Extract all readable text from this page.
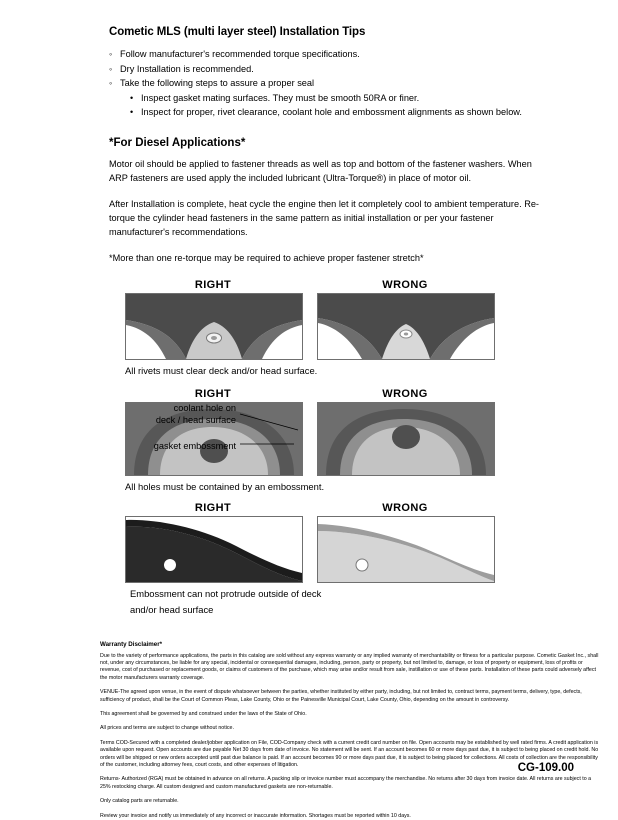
Cometic MLS (multi layer steel) Installation Tips
◦ Follow manufacturer's recommended torque specifications.
◦ Dry Installation is recommended.
◦ Take the following steps to assure a proper seal
• Inspect gasket mating surfaces. They must be smooth 50RA or finer.
• Inspect for proper, rivet clearance, coolant hole and embossment alignments as shown below.
*For Diesel Applications*

Motor oil should be applied to fastener threads as well as top and bottom of the fastener washers. When ARP fasteners are used apply the included lubricant (Ultra-Torque®) in place of motor oil.

After Installation is complete, heat cycle the engine then let it completely cool to ambient temperature. Re-torque the cylinder head fasteners in the same pattern as initial installation or per your fastener manufacturer's recommendations.

*More than one re-torque may be required to achieve proper fastener stretch*

RIGHT	WRONG
All rivets must clear deck and/or head surface.
RIGHT	WRONG
coolant hole on
deck / head surface
gasket embossment
All holes must be contained by an embossment.
RIGHT	WRONG
Embossment can not protrude outside of deck
and/or head surface
Warranty Disclaimer*

Due to the variety of performance applications, the parts in this catalog are sold without any express warranty or any implied warranty of merchantability or fitness for a particular purpose. Cometic Gasket Inc., shall not, under any circumstances, be liable for any special, incidental or consequential damages, including, person, party or property, but not limited to, damage, or loss of property or equipment, loss of profits or revenue, cost of purchased or replacement goods, or claims of customers of the purchase, which may arise and/or result from sale, instillation or use of these parts. Installation of these parts could adversely affect the motor manufacturers warranty coverage.

VENUE-The agreed upon venue, in the event of dispute whatsoever between the parties, whether instituted by either party, including, but not limited to, contract terms, payment terms, delivery, type, defects, sufficiency of product, shall be the Court of Common Pleas, Lake County, Ohio or the Painesville Municipal Court, Lake County, Ohio, depending on the amount in controversy.

This agreement shall be governed by and construed under the laws of the State of Ohio.

All prices and terms are subject to change without notice.

Terms COD-Secured with a completed dealer/jobber application on File, COD-Company check with a current credit card number on file. Open accounts may be established by well rated firms. A credit application is available upon request. Open accounts are due payable Net 30 days from date of invoice. No statement will be sent. If an account becomes 60 or more days past due, it is subject to being placed on credit hold. No orders will be shipped or new orders accepted until past due balance is paid. If an account becomes 90 or more days past due, it is subject to being placed for collections. All costs of collection are the responsibility of the customer, including attorney fees, court costs, and other expenses of litigation.

Returns- Authorized (RGA) must be obtained in advance on all returns. A packing slip or invoice number must accompany the merchandise. No returns after 30 days from invoice date. All returns are subject to a 25% restocking charge. All custom designed and custom manufactured gaskets are non-returnable.

Only catalog parts are returnable.

Review your invoice and notify us immediately of any incorrect or inaccurate information. Shortages must be reported within 10 days.

CG-109.00
